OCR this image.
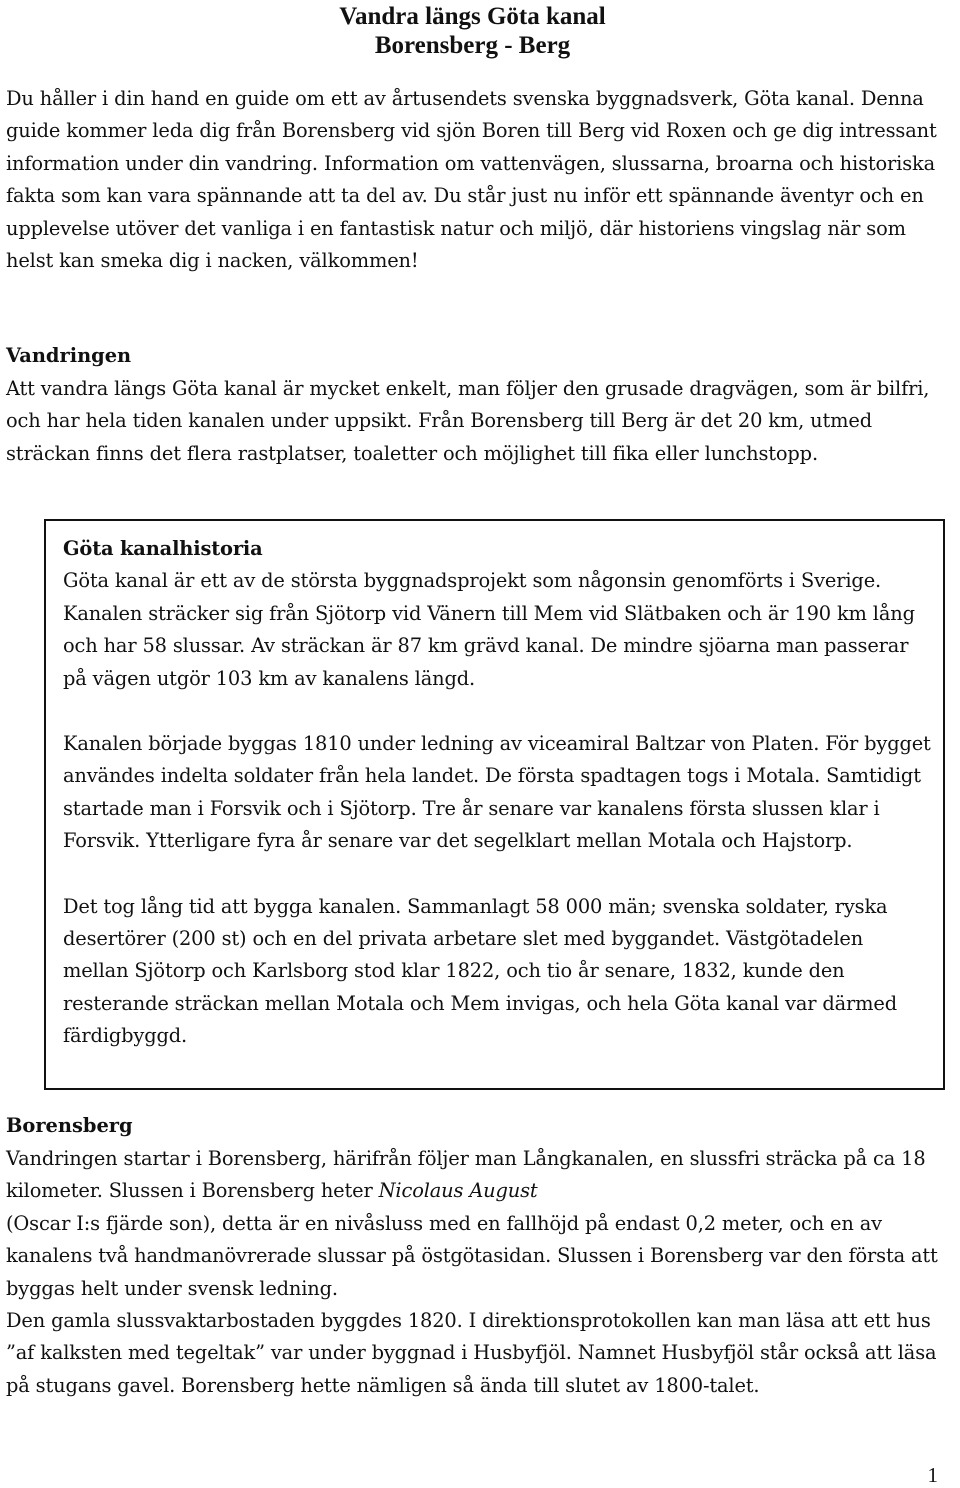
Vandra längs Göta kanal
Borensberg - Berg
Du håller i din hand en guide om ett av årtusendets svenska byggnadsverk, Göta kanal. Denna guide kommer leda dig från Borensberg vid sjön Boren till Berg vid Roxen och ge dig intressant information under din vandring. Information om vattenvägen, slussarna, broarna och historiska fakta som kan vara spännande att ta del av. Du står just nu inför ett spännande äventyr och en upplevelse utöver det vanliga i en fantastisk natur och miljö, där historiens vingslag när som helst kan smeka dig i nacken, välkommen!
Vandringen
Att vandra längs Göta kanal är mycket enkelt, man följer den grusade dragvägen, som är bilfri, och har hela tiden kanalen under uppsikt. Från Borensberg till Berg är det 20 km, utmed sträckan finns det flera rastplatser, toaletter och möjlighet till fika eller lunchstopp.
Göta kanalhistoria

Göta kanal är ett av de största byggnadsprojekt som någonsin genomförts i Sverige. Kanalen sträcker sig från Sjötorp vid Vänern till Mem vid Slätbaken och är 190 km lång och har 58 slussar. Av sträckan är 87 km grävd kanal. De mindre sjöarna man passerar på vägen utgör 103 km av kanalens längd.

Kanalen började byggas 1810 under ledning av viceamiral Baltzar von Platen. För bygget användes indelta soldater från hela landet. De första spadtagen togs i Motala. Samtidigt startade man i Forsvik och i Sjötorp. Tre år senare var kanalens första slussen klar i Forsvik. Ytterligare fyra år senare var det segelklart mellan Motala och Hajstorp.

Det tog lång tid att bygga kanalen. Sammanlagt 58 000 män; svenska soldater, ryska desertörer (200 st) och en del privata arbetare slet med byggandet. Västgötadelen mellan Sjötorp och Karlsborg stod klar 1822, och tio år senare, 1832, kunde den resterande sträckan mellan Motala och Mem invigas, och hela Göta kanal var därmed färdigbyggd.

Borensberg

Vandringen startar i Borensberg, härifrån följer man Långkanalen, en slussfri sträcka på ca 18 kilometer. Slussen i Borensberg heter Nicolaus August
(Oscar I:s fjärde son), detta är en nivåsluss med en fallhöjd på endast 0,2 meter, och en av kanalens två handmanövrerade slussar på östgötasidan. Slussen i Borensberg var den första att byggas helt under svensk ledning.

Den gamla slussvaktarbostaden byggdes 1820. I direktionsprotokollen kan man läsa att ett hus ”af kalksten med tegeltak” var under byggnad i Husbyfjöl. Namnet Husbyfjöl står också att läsa på stugans gavel. Borensberg hette nämligen så ända till slutet av 1800-talet.

1
